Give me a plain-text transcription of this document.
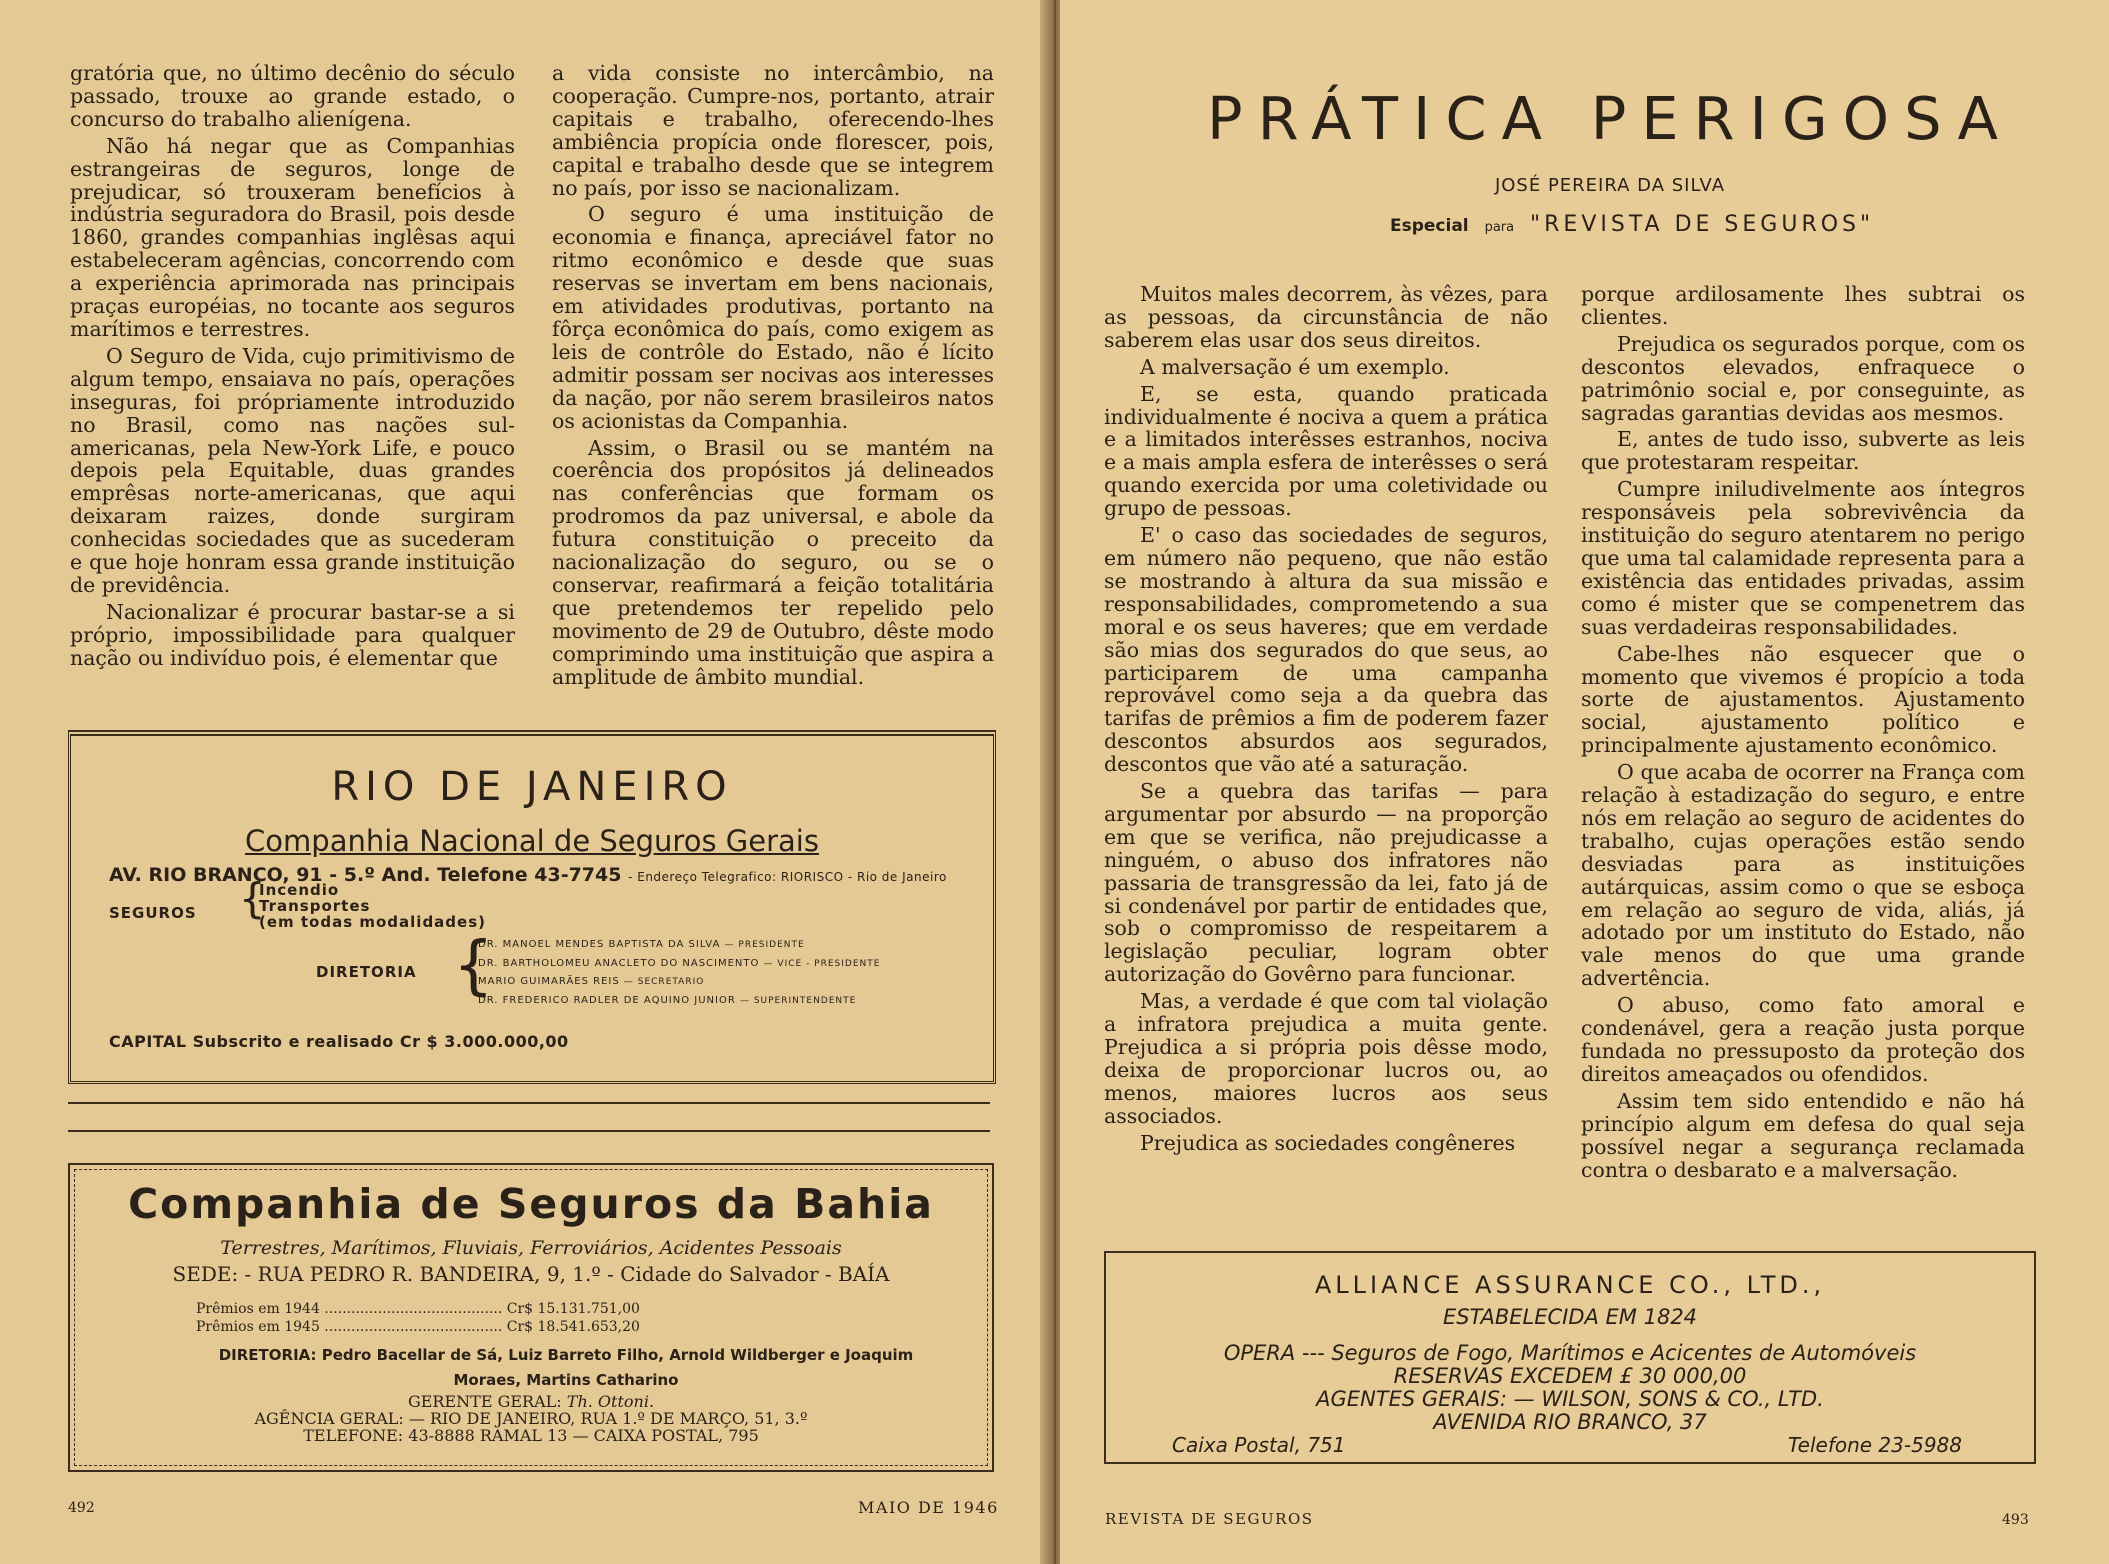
gratória que, no último decênio do século passado, trouxe ao grande estado, o concurso do trabalho alienígena.

Não há negar que as Companhias estrangeiras de seguros, longe de prejudicar, só trouxeram benefícios à indústria seguradora do Brasil, pois desde 1860, grandes companhias inglêsas aqui estabeleceram agências, concorrendo com a experiência aprimorada nas principais praças européias, no tocante aos seguros marítimos e terrestres.

O Seguro de Vida, cujo primitivismo de algum tempo, ensaiava no país, operações inseguras, foi própriamente introduzido no Brasil, como nas nações sul-americanas, pela New-York Life, e pouco depois pela Equitable, duas grandes emprêsas norte-americanas, que aqui deixaram raizes, donde surgiram conhecidas sociedades que as sucederam e que hoje honram essa grande instituição de previdência.

Nacionalizar é procurar bastar-se a si próprio, impossibilidade para qualquer nação ou indivíduo pois, é elementar que

a vida consiste no intercâmbio, na cooperação. Cumpre-nos, portanto, atrair capitais e trabalho, oferecendo-lhes ambiência propícia onde florescer, pois, capital e trabalho desde que se integrem no país, por isso se nacionalizam.

O seguro é uma instituição de economia e finança, apreciável fator no ritmo econômico e desde que suas reservas se invertam em bens nacionais, em atividades produtivas, portanto na fôrça econômica do país, como exigem as leis de contrôle do Estado, não é lícito admitir possam ser nocivas aos interesses da nação, por não serem brasileiros natos os acionistas da Companhia.

Assim, o Brasil ou se mantém na coerência dos propósitos já delineados nas conferências que formam os prodromos da paz universal, e abole da futura constituição o preceito da nacionalização do seguro, ou se o conservar, reafirmará a feição totalitária que pretendemos ter repelido pelo movimento de 29 de Outubro, dêste modo comprimindo uma instituição que aspira a amplitude de âmbito mundial.

RIO DE JANEIRO
Companhia Nacional de Seguros Gerais
AV. RIO BRANCO, 91 - 5.º And. Telefone 43-7745 - Endereço Telegrafico: RIORISCO - Rio de Janeiro
SEGUROS {
Incendio
Transportes
(em todas modalidades)
DIRETORIA {
DR. MANOEL MENDES BAPTISTA DA SILVA — PRESIDENTE
DR. BARTHOLOMEU ANACLETO DO NASCIMENTO — VICE - PRESIDENTE
MARIO GUIMARÃES REIS — SECRETARIO
DR. FREDERICO RADLER DE AQUINO JUNIOR — SUPERINTENDENTE
CAPITAL Subscrito e realisado Cr $ 3.000.000,00
Companhia de Seguros da Bahia
Terrestres, Marítimos, Fluviais, Ferroviários, Acidentes Pessoais
SEDE: - RUA PEDRO R. BANDEIRA, 9, 1.º - Cidade do Salvador - BAÍA
Prêmios em 1944 ........................................ Cr$ 15.131.751,00
Prêmios em 1945 ........................................ Cr$ 18.541.653,20
DIRETORIA: Pedro Bacellar de Sá, Luiz Barreto Filho, Arnold Wildberger e Joaquim Moraes, Martins Catharino
GERENTE GERAL: Th. Ottoni.
AGÊNCIA GERAL: — RIO DE JANEIRO, RUA 1.º DE MARÇO, 51, 3.º
TELEFONE: 43-8888 RAMAL 13 — CAIXA POSTAL, 795
492	MAIO DE 1946
PRÁTICA PERIGOSA
JOSÉ PEREIRA DA SILVA
Especial para "REVISTA DE SEGUROS"

Muitos males decorrem, às vêzes, para as pessoas, da circunstância de não saberem elas usar dos seus direitos.

A malversação é um exemplo.

E, se esta, quando praticada individualmente é nociva a quem a prática e a limitados interêsses estranhos, nociva e a mais ampla esfera de interêsses o será quando exercida por uma coletividade ou grupo de pessoas.

E' o caso das sociedades de seguros, em número não pequeno, que não estão se mostrando à altura da sua missão e responsabilidades, comprometendo a sua moral e os seus haveres; que em verdade são mias dos segurados do que seus, ao participarem de uma campanha reprovável como seja a da quebra das tarifas de prêmios a fim de poderem fazer descontos absurdos aos segurados, descontos que vão até a saturação.

Se a quebra das tarifas — para argumentar por absurdo — na proporção em que se verifica, não prejudicasse a ninguém, o abuso dos infratores não passaria de transgressão da lei, fato já de si condenável por partir de entidades que, sob o compromisso de respeitarem a legislação peculiar, logram obter autorização do Govêrno para funcionar.

Mas, a verdade é que com tal violação a infratora prejudica a muita gente. Prejudica a si própria pois dêsse modo, deixa de proporcionar lucros ou, ao menos, maiores lucros aos seus associados.

Prejudica as sociedades congêneres

porque ardilosamente lhes subtrai os clientes.

Prejudica os segurados porque, com os descontos elevados, enfraquece o patrimônio social e, por conseguinte, as sagradas garantias devidas aos mesmos.

E, antes de tudo isso, subverte as leis que protestaram respeitar.

Cumpre iniludivelmente aos íntegros responsáveis pela sobrevivência da instituição do seguro atentarem no perigo que uma tal calamidade representa para a existência das entidades privadas, assim como é mister que se compenetrem das suas verdadeiras responsabilidades.

Cabe-lhes não esquecer que o momento que vivemos é propício a toda sorte de ajustamentos. Ajustamento social, ajustamento político e principalmente ajustamento econômico.

O que acaba de ocorrer na França com relação à estadização do seguro, e entre nós em relação ao seguro de acidentes do trabalho, cujas operações estão sendo desviadas para as instituições autárquicas, assim como o que se esboça em relação ao seguro de vida, aliás, já adotado por um instituto do Estado, não vale menos do que uma grande advertência.

O abuso, como fato amoral e condenável, gera a reação justa porque fundada no pressuposto da proteção dos direitos ameaçados ou ofendidos.

Assim tem sido entendido e não há princípio algum em defesa do qual seja possível negar a segurança reclamada contra o desbarato e a malversação.

ALLIANCE ASSURANCE CO., LTD.,
ESTABELECIDA EM 1824
OPERA --- Seguros de Fogo, Marítimos e Acicentes de Automóveis
RESERVAS EXCEDEM £ 30 000,00
AGENTES GERAIS: — WILSON, SONS & CO., LTD.
AVENIDA RIO BRANCO, 37
Caixa Postal, 751	Telefone 23-5988
REVISTA DE SEGUROS	493
